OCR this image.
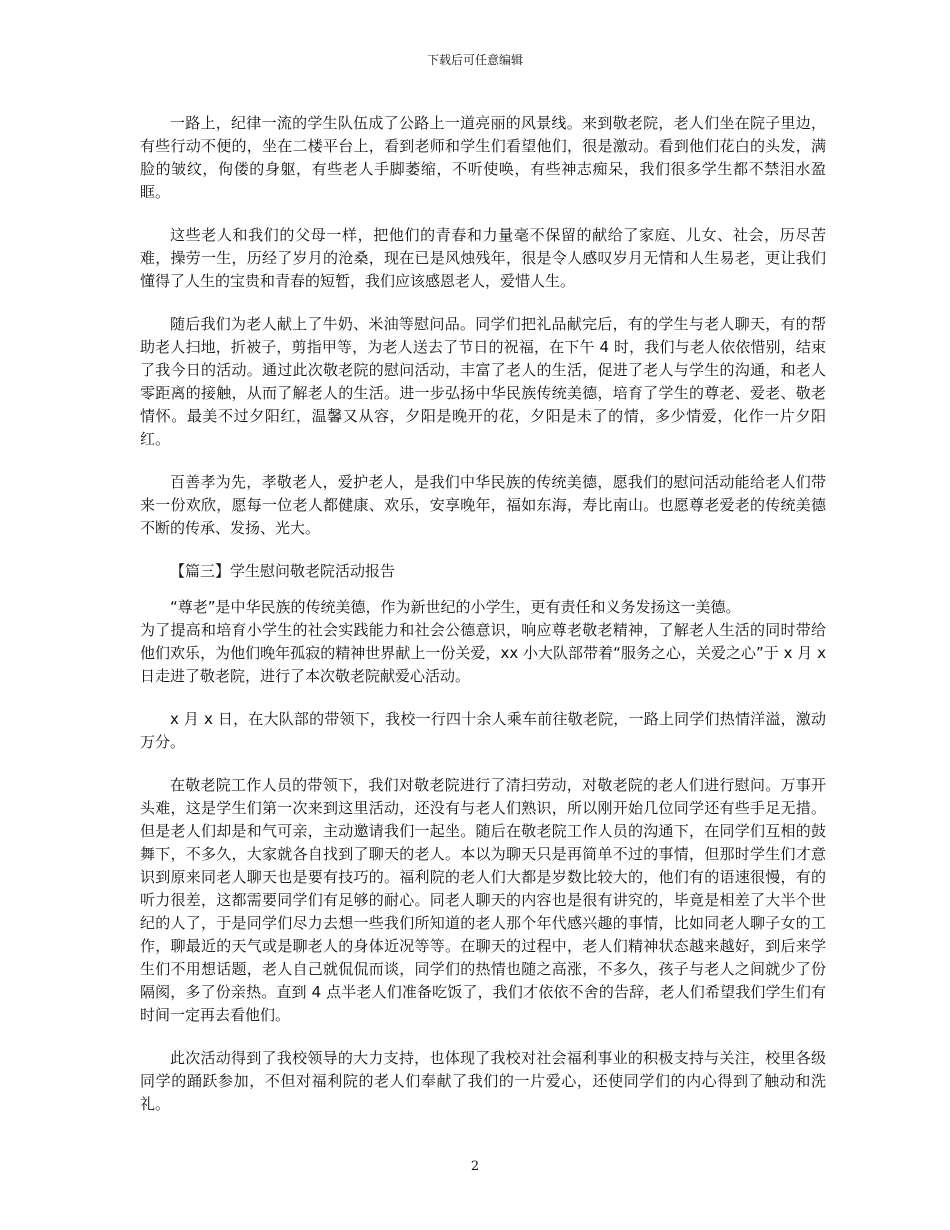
下载后可任意编辑

一路上，纪律一流的学生队伍成了公路上一道亮丽的风景线。来到敬老院，老人们坐在院子里边，有些行动不便的，坐在二楼平台上，看到老师和学生们看望他们，很是激动。看到他们花白的头发，满脸的皱纹，佝偻的身躯，有些老人手脚萎缩，不听使唤，有些神志痴呆，我们很多学生都不禁泪水盈眶。

这些老人和我们的父母一样，把他们的青春和力量毫不保留的献给了家庭、儿女、社会，历尽苦难，操劳一生，历经了岁月的沧桑，现在已是风烛残年，很是令人感叹岁月无情和人生易老，更让我们懂得了人生的宝贵和青春的短暂，我们应该感恩老人，爱惜人生。

随后我们为老人献上了牛奶、米油等慰问品。同学们把礼品献完后，有的学生与老人聊天，有的帮助老人扫地，折被子，剪指甲等，为老人送去了节日的祝福，在下午 4 时，我们与老人依依惜别，结束了我今日的活动。通过此次敬老院的慰问活动，丰富了老人的生活，促进了老人与学生的沟通，和老人零距离的接触，从而了解老人的生活。进一步弘扬中华民族传统美德，培育了学生的尊老、爱老、敬老情怀。最美不过夕阳红，温馨又从容，夕阳是晚开的花，夕阳是未了的情，多少情爱，化作一片夕阳红。

百善孝为先，孝敬老人，爱护老人，是我们中华民族的传统美德，愿我们的慰问活动能给老人们带来一份欢欣，愿每一位老人都健康、欢乐，安享晚年，福如东海，寿比南山。也愿尊老爱老的传统美德不断的传承、发扬、光大。

【篇三】学生慰问敬老院活动报告

“尊老”是中华民族的传统美德，作为新世纪的小学生，更有责任和义务发扬这一美德。

为了提高和培育小学生的社会实践能力和社会公德意识，响应尊老敬老精神，了解老人生活的同时带给他们欢乐，为他们晚年孤寂的精神世界献上一份关爱，xx 小大队部带着“服务之心，关爱之心”于 x 月 x 日走进了敬老院，进行了本次敬老院献爱心活动。

x 月 x 日，在大队部的带领下，我校一行四十余人乘车前往敬老院，一路上同学们热情洋溢，激动万分。

在敬老院工作人员的带领下，我们对敬老院进行了清扫劳动，对敬老院的老人们进行慰问。万事开头难，这是学生们第一次来到这里活动，还没有与老人们熟识，所以刚开始几位同学还有些手足无措。但是老人们却是和气可亲，主动邀请我们一起坐。随后在敬老院工作人员的沟通下，在同学们互相的鼓舞下，不多久，大家就各自找到了聊天的老人。本以为聊天只是再简单不过的事情，但那时学生们才意识到原来同老人聊天也是要有技巧的。福利院的老人们大都是岁数比较大的，他们有的语速很慢，有的听力很差，这都需要同学们有足够的耐心。同老人聊天的内容也是很有讲究的，毕竟是相差了大半个世纪的人了，于是同学们尽力去想一些我们所知道的老人那个年代感兴趣的事情，比如同老人聊子女的工作，聊最近的天气或是聊老人的身体近况等等。在聊天的过程中，老人们精神状态越来越好，到后来学生们不用想话题，老人自己就侃侃而谈，同学们的热情也随之高涨，不多久，孩子与老人之间就少了份隔阂，多了份亲热。直到 4 点半老人们准备吃饭了，我们才依依不舍的告辞，老人们希望我们学生们有时间一定再去看他们。

此次活动得到了我校领导的大力支持，也体现了我校对社会福利事业的积极支持与关注，校里各级同学的踊跃参加，不但对福利院的老人们奉献了我们的一片爱心，还使同学们的内心得到了触动和洗礼。

2
